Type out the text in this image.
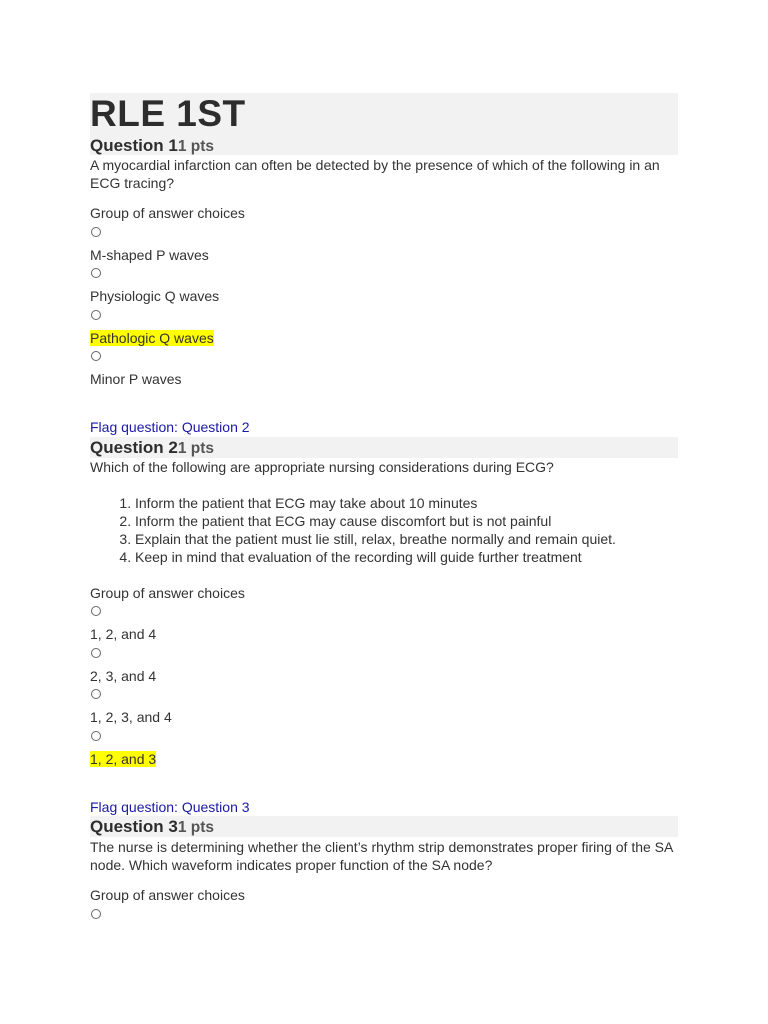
RLE 1ST
Question 11 pts
A myocardial infarction can often be detected by the presence of which of the following in an ECG tracing?
Group of answer choices
M-shaped P waves
Physiologic Q waves
Pathologic Q waves
Minor P waves
Flag question: Question 2
Question 21 pts
Which of the following are appropriate nursing considerations during ECG?
1. Inform the patient that ECG may take about 10 minutes
2. Inform the patient that ECG may cause discomfort but is not painful
3. Explain that the patient must lie still, relax, breathe normally and remain quiet.
4. Keep in mind that evaluation of the recording will guide further treatment
Group of answer choices
1, 2, and 4
2, 3, and 4
1, 2, 3, and 4
1, 2, and 3
Flag question: Question 3
Question 31 pts
The nurse is determining whether the client’s rhythm strip demonstrates proper firing of the SA node. Which waveform indicates proper function of the SA node?
Group of answer choices
